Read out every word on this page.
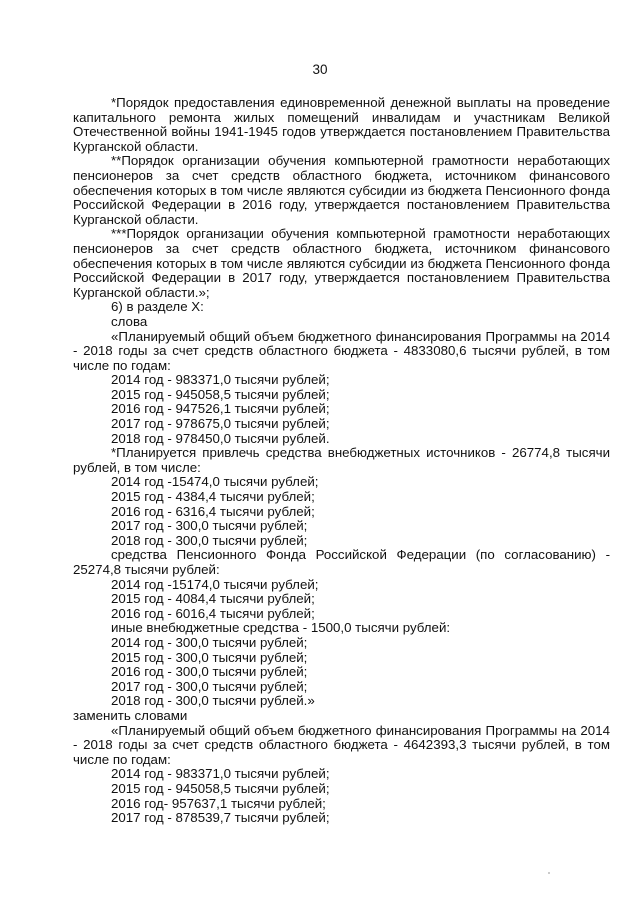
30

*Порядок предоставления единовременной денежной выплаты на проведение капитального ремонта жилых помещений инвалидам и участникам Великой Отечественной войны 1941-1945 годов утверждается постановлением Правительства Курганской области.

**Порядок организации обучения компьютерной грамотности неработающих пенсионеров за счет средств областного бюджета, источником финансового обеспечения которых в том числе являются субсидии из бюджета Пенсионного фонда Российской Федерации в 2016 году, утверждается постановлением Правительства Курганской области.

***Порядок организации обучения компьютерной грамотности неработающих пенсионеров за счет средств областного бюджета, источником финансового обеспечения которых в том числе являются субсидии из бюджета Пенсионного фонда Российской Федерации в 2017 году, утверждается постановлением Правительства Курганской области.»;

6) в разделе X:

слова

«Планируемый общий объем бюджетного финансирования Программы на 2014 - 2018 годы за счет средств областного бюджета - 4833080,6 тысячи рублей, в том числе по годам:

2014 год - 983371,0 тысячи рублей;

2015 год - 945058,5 тысячи рублей;

2016 год - 947526,1 тысячи рублей;

2017 год - 978675,0 тысячи рублей;

2018 год - 978450,0 тысячи рублей.

*Планируется привлечь средства внебюджетных источников - 26774,8 тысячи рублей, в том числе:

2014 год -15474,0 тысячи рублей;

2015 год - 4384,4 тысячи рублей;

2016 год - 6316,4 тысячи рублей;

2017 год - 300,0 тысячи рублей;

2018 год - 300,0 тысячи рублей;

средства Пенсионного Фонда Российской Федерации (по согласованию) - 25274,8 тысячи рублей:

2014 год -15174,0 тысячи рублей;

2015 год - 4084,4 тысячи рублей;

2016 год - 6016,4 тысячи рублей;

иные внебюджетные средства - 1500,0 тысячи рублей:

2014 год - 300,0 тысячи рублей;

2015 год - 300,0 тысячи рублей;

2016 год - 300,0 тысячи рублей;

2017 год - 300,0 тысячи рублей;

2018 год - 300,0 тысячи рублей.»

заменить словами

«Планируемый общий объем бюджетного финансирования Программы на 2014 - 2018 годы за счет средств областного бюджета - 4642393,3 тысячи рублей, в том числе по годам:

2014 год - 983371,0 тысячи рублей;

2015 год - 945058,5 тысячи рублей;

2016 год- 957637,1 тысячи рублей;

2017 год - 878539,7 тысячи рублей;
